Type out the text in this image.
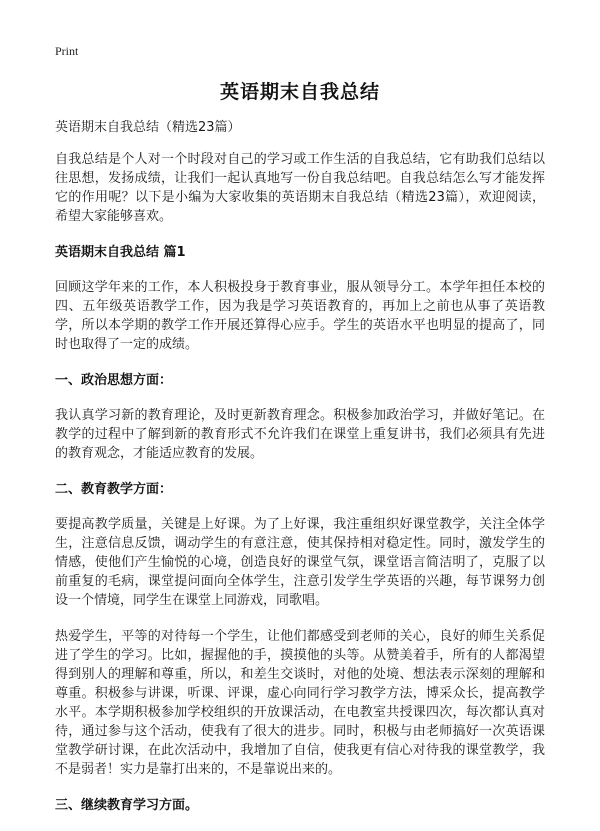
Print
英语期末自我总结

英语期末自我总结（精选23篇）

自我总结是个人对一个时段对自己的学习或工作生活的自我总结，它有助我们总结以往思想，发扬成绩，让我们一起认真地写一份自我总结吧。自我总结怎么写才能发挥它的作用呢？以下是小编为大家收集的英语期末自我总结（精选23篇），欢迎阅读，希望大家能够喜欢。

英语期末自我总结 篇1

回顾这学年来的工作，本人积极投身于教育事业，服从领导分工。本学年担任本校的四、五年级英语教学工作，因为我是学习英语教育的，再加上之前也从事了英语教学，所以本学期的教学工作开展还算得心应手。学生的英语水平也明显的提高了，同时也取得了一定的成绩。

一、政治思想方面：

我认真学习新的教育理论，及时更新教育理念。积极参加政治学习，并做好笔记。在教学的过程中了解到新的教育形式不允许我们在课堂上重复讲书，我们必须具有先进的教育观念，才能适应教育的发展。

二、教育教学方面：

要提高教学质量，关键是上好课。为了上好课，我注重组织好课堂教学，关注全体学生，注意信息反馈，调动学生的有意注意，使其保持相对稳定性。同时，激发学生的情感，使他们产生愉悦的心境，创造良好的课堂气氛，课堂语言简洁明了，克服了以前重复的毛病，课堂提问面向全体学生，注意引发学生学英语的兴趣，每节课努力创设一个情境，同学生在课堂上同游戏，同歌唱。

热爱学生，平等的对待每一个学生，让他们都感受到老师的关心，良好的师生关系促进了学生的学习。比如，握握他的手，摸摸他的头等。从赞美着手，所有的人都渴望得到别人的理解和尊重，所以，和差生交谈时，对他的处境、想法表示深刻的理解和尊重。积极参与讲课，听课、评课，虚心向同行学习教学方法，博采众长，提高教学水平。本学期积极参加学校组织的开放课活动，在电教室共授课四次，每次都认真对待，通过参与这个活动，使我有了很大的进步。同时，积极与由老师搞好一次英语课堂教学研讨课，在此次活动中，我增加了自信，使我更有信心对待我的课堂教学，我不是弱者！实力是靠打出来的，不是靠说出来的。

三、继续教育学习方面。
